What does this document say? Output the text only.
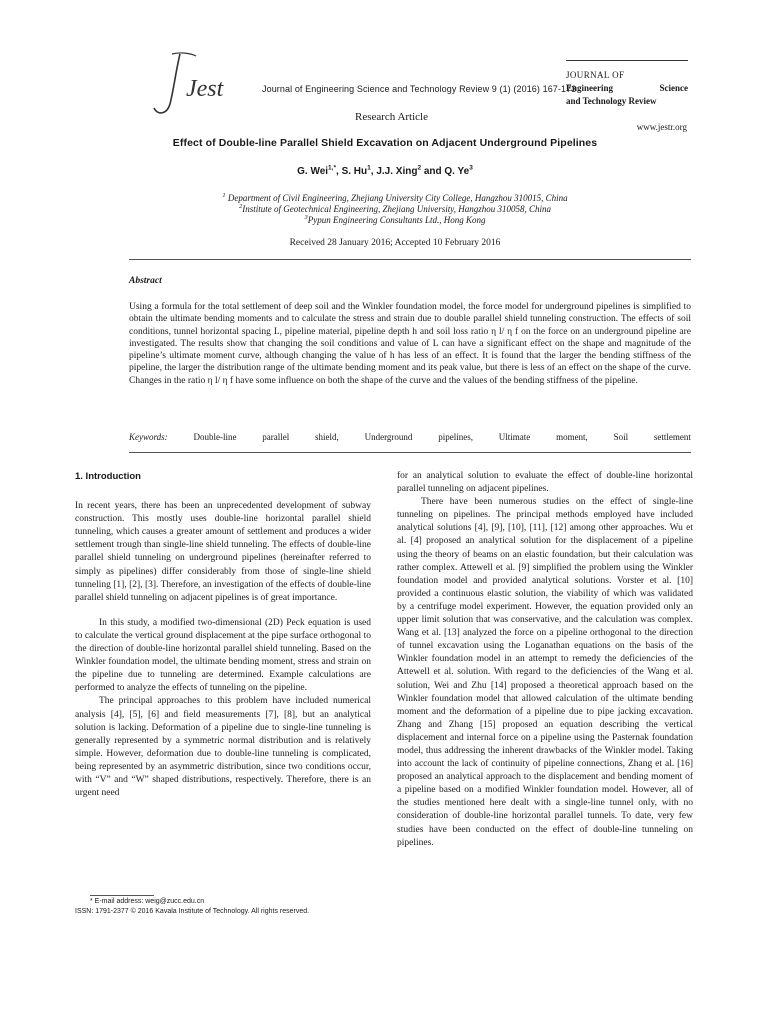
Jest	Journal of Engineering Science and Technology Review 9 (1) (2016) 167-173
Research Article
JOURNAL OF
Engineering	Science
and Technology Review
www.jestr.org
Effect of Double-line Parallel Shield Excavation on Adjacent Underground Pipelines
G. Wei$^{1,*}$, S. Hu$^1$, J.J. Xing$^2$ and Q. Ye$^3$
$^1$ Department of Civil Engineering, Zhejiang University City College, Hangzhou 310015, China
$^2$Institute of Geotechnical Engineering, Zhejiang University, Hangzhou 310058, China
$^3$Pypun Engineering Consultants Ltd., Hong Kong
Received 28 January 2016; Accepted 10 February 2016
Abstract
Using a formula for the total settlement of deep soil and the Winkler foundation model, the force model for underground pipelines is simplified to obtain the ultimate bending moments and to calculate the stress and strain due to double parallel shield tunneling construction. The effects of soil conditions, tunnel horizontal spacing L, pipeline material, pipeline depth h and soil loss ratio η l/ η f on the force on an underground pipeline are investigated. The results show that changing the soil conditions and value of L can have a significant effect on the shape and magnitude of the pipeline’s ultimate moment curve, although changing the value of h has less of an effect. It is found that the larger the bending stiffness of the pipeline, the larger the distribution range of the ultimate bending moment and its peak value, but there is less of an effect on the shape of the curve. Changes in the ratio η l/ η f have some influence on both the shape of the curve and the values of the bending stiffness of the pipeline.
Keywords:	Double-line	parallel	shield,	Underground	pipelines,	Ultimate	moment,	Soil	settlement

1. Introduction

In recent years, there has been an unprecedented development of subway construction. This mostly uses double-line horizontal parallel shield tunneling, which causes a greater amount of settlement and produces a wider settlement trough than single-line shield tunneling. The effects of double-line parallel shield tunneling on underground pipelines (hereinafter referred to simply as pipelines) differ considerably from those of single-line shield tunneling [1], [2], [3]. Therefore, an investigation of the effects of double-line parallel shield tunneling on adjacent pipelines is of great importance.

In this study, a modified two-dimensional (2D) Peck equation is used to calculate the vertical ground displacement at the pipe surface orthogonal to the direction of double-line horizontal parallel shield tunneling. Based on the Winkler foundation model, the ultimate bending moment, stress and strain on the pipeline due to tunneling are determined. Example calculations are performed to analyze the effects of tunneling on the pipeline.

The principal approaches to this problem have included numerical analysis [4], [5], [6] and field measurements [7], [8], but an analytical solution is lacking. Deformation of a pipeline due to single-line tunneling is generally represented by a symmetric normal distribution and is relatively simple. However, deformation due to double-line tunneling is complicated, being represented by an asymmetric distribution, since two conditions occur, with “V” and “W” shaped distributions, respectively. Therefore, there is an urgent need

for an analytical solution to evaluate the effect of double-line horizontal parallel tunneling on adjacent pipelines.

There have been numerous studies on the effect of single-line tunneling on pipelines. The principal methods employed have included analytical solutions [4], [9], [10], [11], [12] among other approaches. Wu et al. [4] proposed an analytical solution for the displacement of a pipeline using the theory of beams on an elastic foundation, but their calculation was rather complex. Attewell et al. [9] simplified the problem using the Winkler foundation model and provided analytical solutions. Vorster et al. [10] provided a continuous elastic solution, the viability of which was validated by a centrifuge model experiment. However, the equation provided only an upper limit solution that was conservative, and the calculation was complex. Wang et al. [13] analyzed the force on a pipeline orthogonal to the direction of tunnel excavation using the Loganathan equations on the basis of the Winkler foundation model in an attempt to remedy the deficiencies of the Attewell et al. solution. With regard to the deficiencies of the Wang et al. solution, Wei and Zhu [14] proposed a theoretical approach based on the Winkler foundation model that allowed calculation of the ultimate bending moment and the deformation of a pipeline due to pipe jacking excavation. Zhang and Zhang [15] proposed an equation describing the vertical displacement and internal force on a pipeline using the Pasternak foundation model, thus addressing the inherent drawbacks of the Winkler model. Taking into account the lack of continuity of pipeline connections, Zhang et al. [16] proposed an analytical approach to the displacement and bending moment of a pipeline based on a modified Winkler foundation model. However, all of the studies mentioned here dealt with a single-line tunnel only, with no consideration of double-line horizontal parallel tunnels. To date, very few studies have been conducted on the effect of double-line tunneling on pipelines.

* E-mail address: weig@zucc.edu.cn
ISSN: 1791-2377 © 2016 Kavala Institute of Technology. All rights reserved.
